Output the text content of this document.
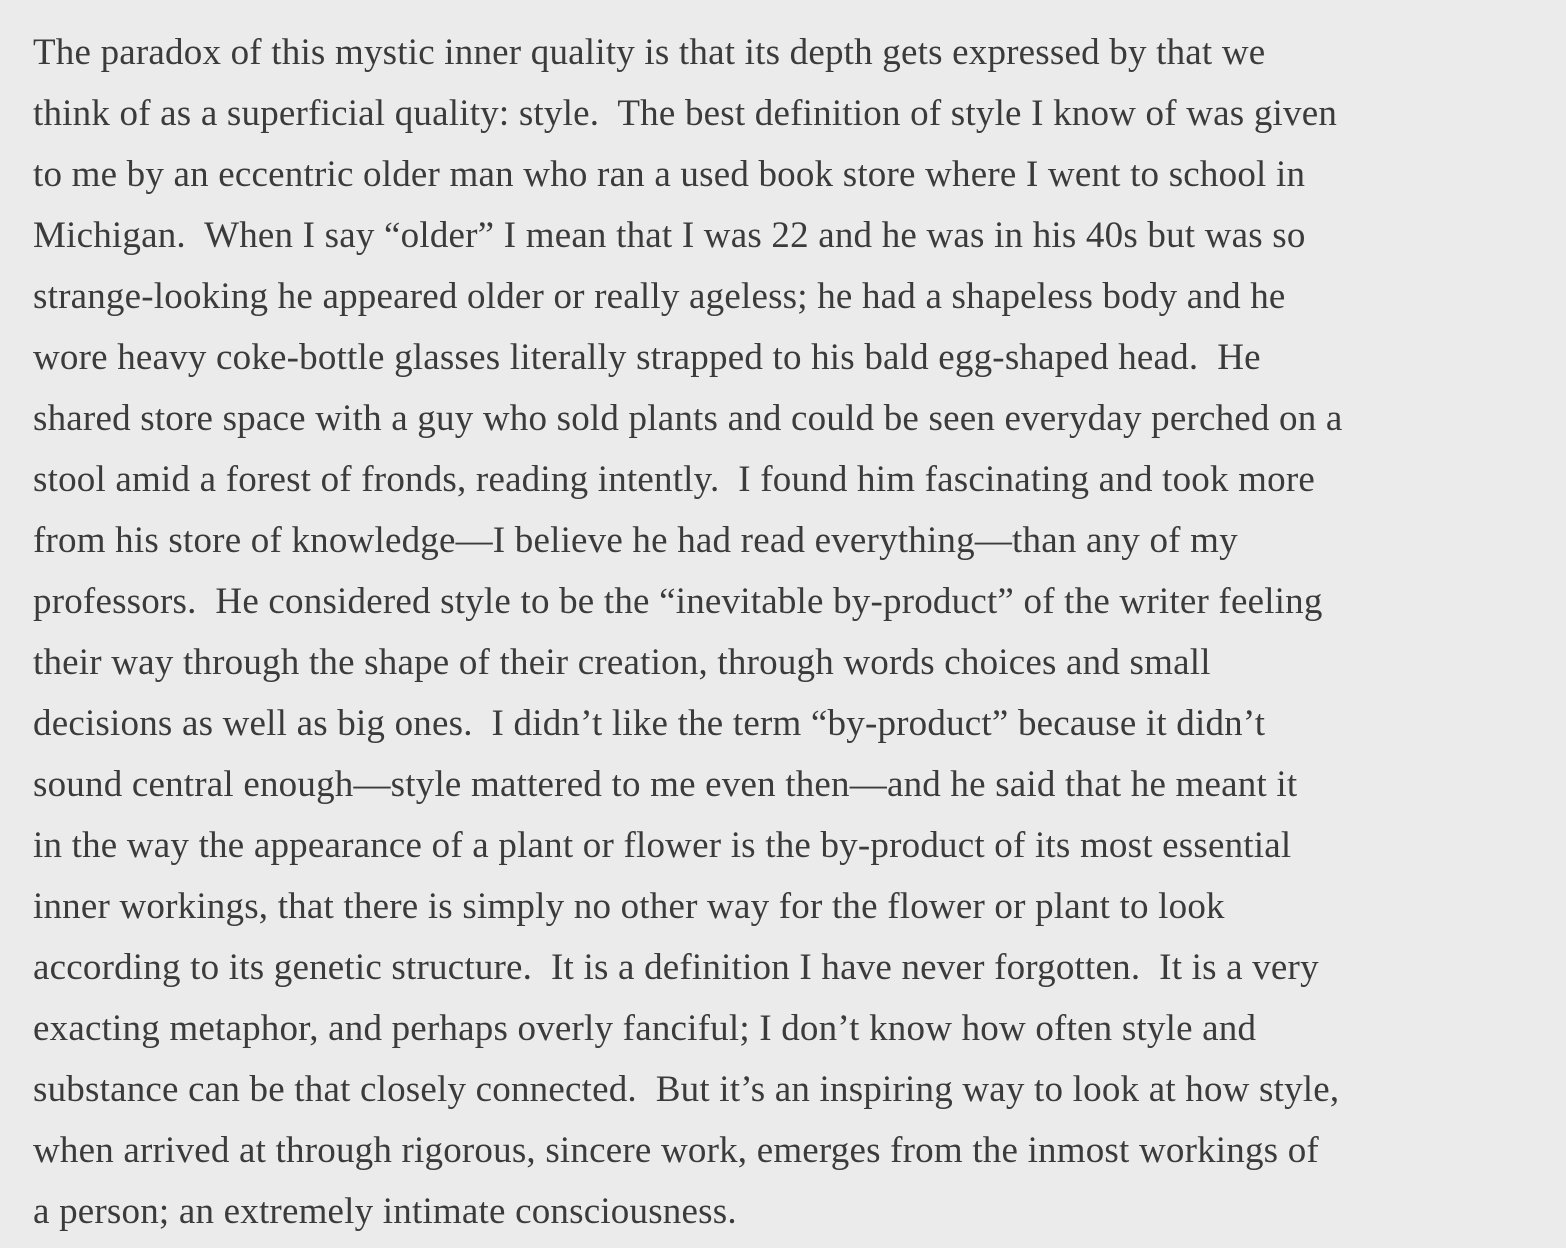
The paradox of this mystic inner quality is that its depth gets expressed by that we
think of as a superficial quality: style.  The best definition of style I know of was given
to me by an eccentric older man who ran a used book store where I went to school in
Michigan.  When I say “older” I mean that I was 22 and he was in his 40s but was so
strange-looking he appeared older or really ageless; he had a shapeless body and he
wore heavy coke-bottle glasses literally strapped to his bald egg-shaped head.  He
shared store space with a guy who sold plants and could be seen everyday perched on a
stool amid a forest of fronds, reading intently.  I found him fascinating and took more
from his store of knowledge—I believe he had read everything—than any of my
professors.  He considered style to be the “inevitable by-product” of the writer feeling
their way through the shape of their creation, through words choices and small
decisions as well as big ones.  I didn’t like the term “by-product” because it didn’t
sound central enough—style mattered to me even then—and he said that he meant it
in the way the appearance of a plant or flower is the by-product of its most essential
inner workings, that there is simply no other way for the flower or plant to look
according to its genetic structure.  It is a definition I have never forgotten.  It is a very
exacting metaphor, and perhaps overly fanciful; I don’t know how often style and
substance can be that closely connected.  But it’s an inspiring way to look at how style,
when arrived at through rigorous, sincere work, emerges from the inmost workings of
a person; an extremely intimate consciousness.
